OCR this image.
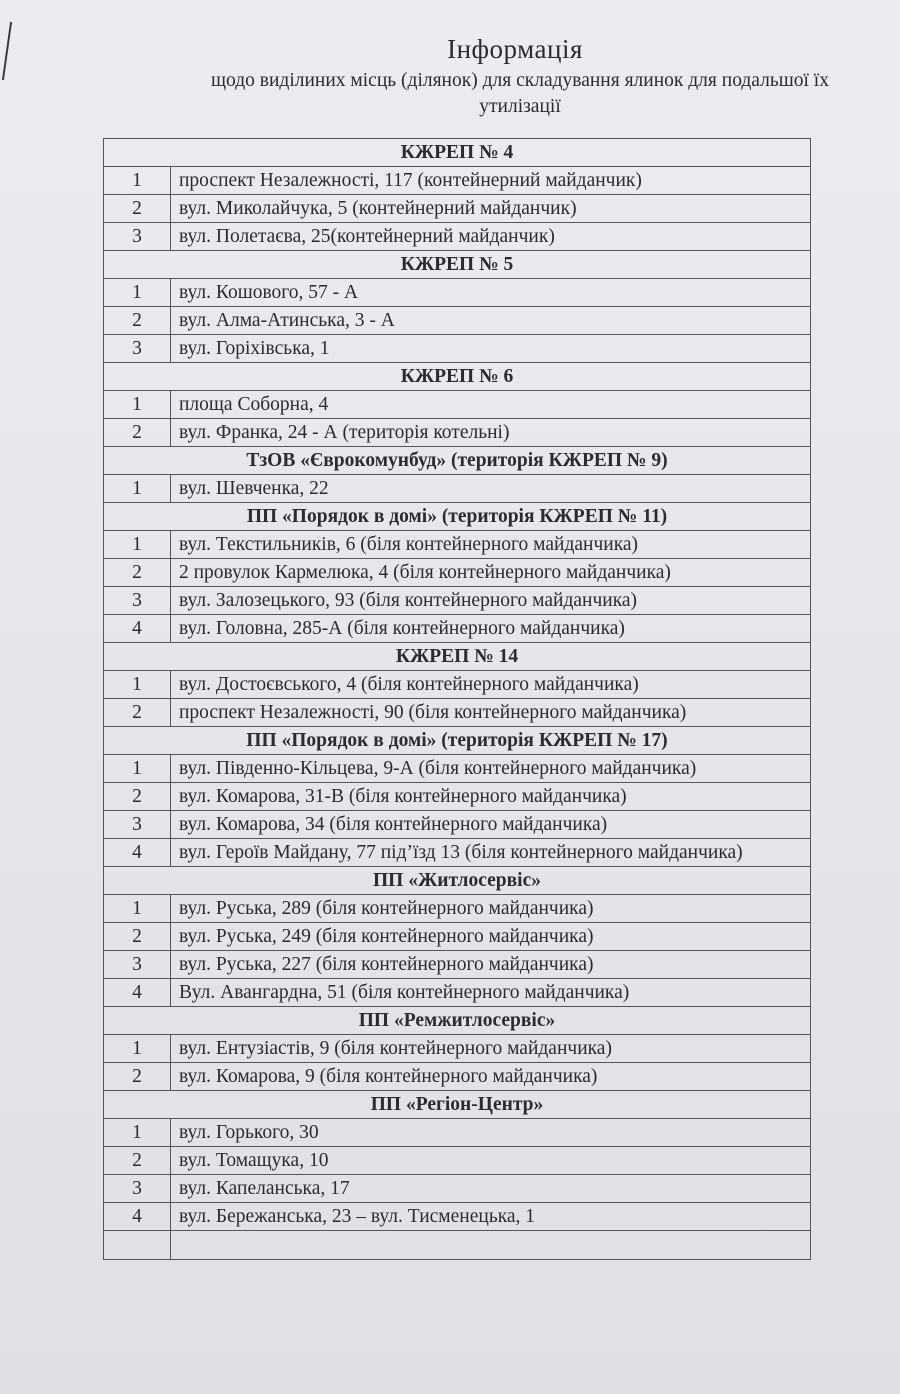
Інформація
щодо виділиних місць (ділянок) для складування ялинок для подальшої їх
утилізації
КЖРЕП № 4	
1	проспект Незалежності, 117 (контейнерний майданчик)
2	вул. Миколайчука, 5 (контейнерний майданчик)
3	вул. Полетаєва, 25(контейнерний майданчик)
КЖРЕП № 5	
1	вул. Кошового, 57 - А
2	вул. Алма-Атинська, 3 - А
3	вул. Горіхівська, 1
КЖРЕП № 6	
1	площа Соборна, 4
2	вул. Франка, 24 - А (територія котельні)
ТзОВ «Єврокомунбуд» (територія КЖРЕП № 9)	
1	вул. Шевченка, 22
ПП «Порядок в домі» (територія КЖРЕП № 11)	
1	вул. Текстильників, 6 (біля контейнерного майданчика)
2	2 провулок Кармелюка, 4 (біля контейнерного майданчика)
3	вул. Залозецького, 93 (біля контейнерного майданчика)
4	вул. Головна, 285-А (біля контейнерного майданчика)
КЖРЕП № 14	
1	вул. Достоєвського, 4 (біля контейнерного майданчика)
2	проспект Незалежності, 90 (біля контейнерного майданчика)
ПП «Порядок в домі» (територія КЖРЕП № 17)	
1	вул. Південно-Кільцева, 9-А (біля контейнерного майданчика)
2	вул. Комарова, 31-В (біля контейнерного майданчика)
3	вул. Комарова, 34 (біля контейнерного майданчика)
4	вул. Героїв Майдану, 77 під’їзд 13 (біля контейнерного майданчика)
ПП «Житлосервіс»	
1	вул. Руська, 289 (біля контейнерного майданчика)
2	вул. Руська, 249 (біля контейнерного майданчика)
3	вул. Руська, 227 (біля контейнерного майданчика)
4	Вул. Авангардна, 51 (біля контейнерного майданчика)
ПП «Ремжитлосервіс»	
1	вул. Ентузіастів, 9 (біля контейнерного майданчика)
2	вул. Комарова, 9 (біля контейнерного майданчика)
ПП «Регіон-Центр»	
1	вул. Горького, 30
2	вул. Томащука, 10
3	вул. Капеланська, 17
4	вул. Бережанська, 23 – вул. Тисменецька, 1
